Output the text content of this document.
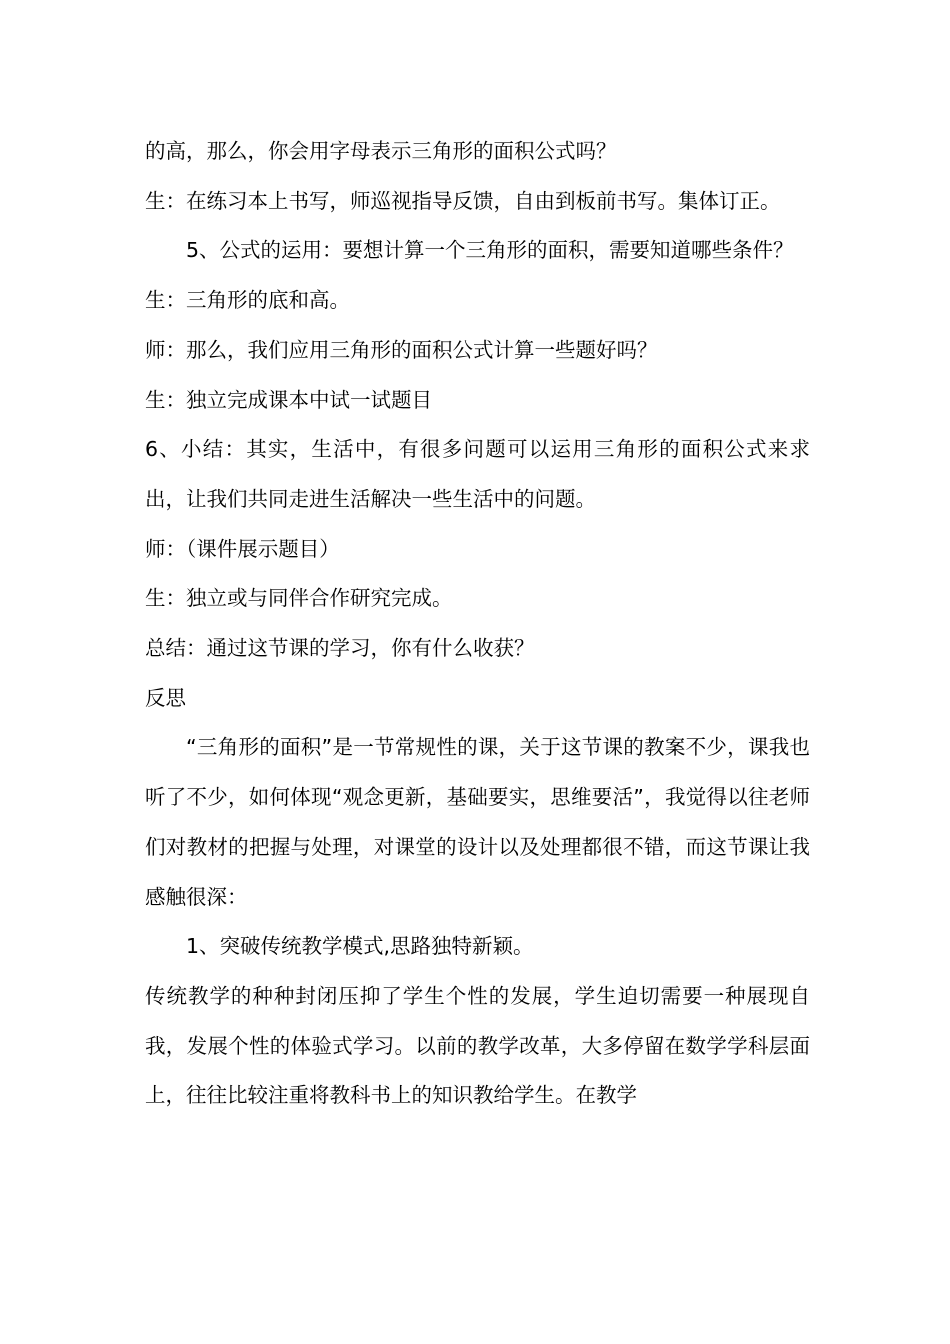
的高，那么，你会用字母表示三角形的面积公式吗？

生：在练习本上书写，师巡视指导反馈，自由到板前书写。集体订正。

5、公式的运用：要想计算一个三角形的面积，需要知道哪些条件？

生：三角形的底和高。

师：那么，我们应用三角形的面积公式计算一些题好吗？

生：独立完成课本中试一试题目

6、小结：其实，生活中，有很多问题可以运用三角形的面积公式来求出，让我们共同走进生活解决一些生活中的问题。

师：（课件展示题目）

生：独立或与同伴合作研究完成。

总结：通过这节课的学习，你有什么收获？

反思

“三角形的面积”是一节常规性的课，关于这节课的教案不少，课我也听了不少，如何体现“观念更新，基础要实，思维要活”，我觉得以往老师们对教材的把握与处理，对课堂的设计以及处理都很不错，而这节课让我感触很深：

1、突破传统教学模式,思路独特新颖。

传统教学的种种封闭压抑了学生个性的发展，学生迫切需要一种展现自我，发展个性的体验式学习。以前的教学改革，大多停留在数学学科层面上，往往比较注重将教科书上的知识教给学生。在教学
